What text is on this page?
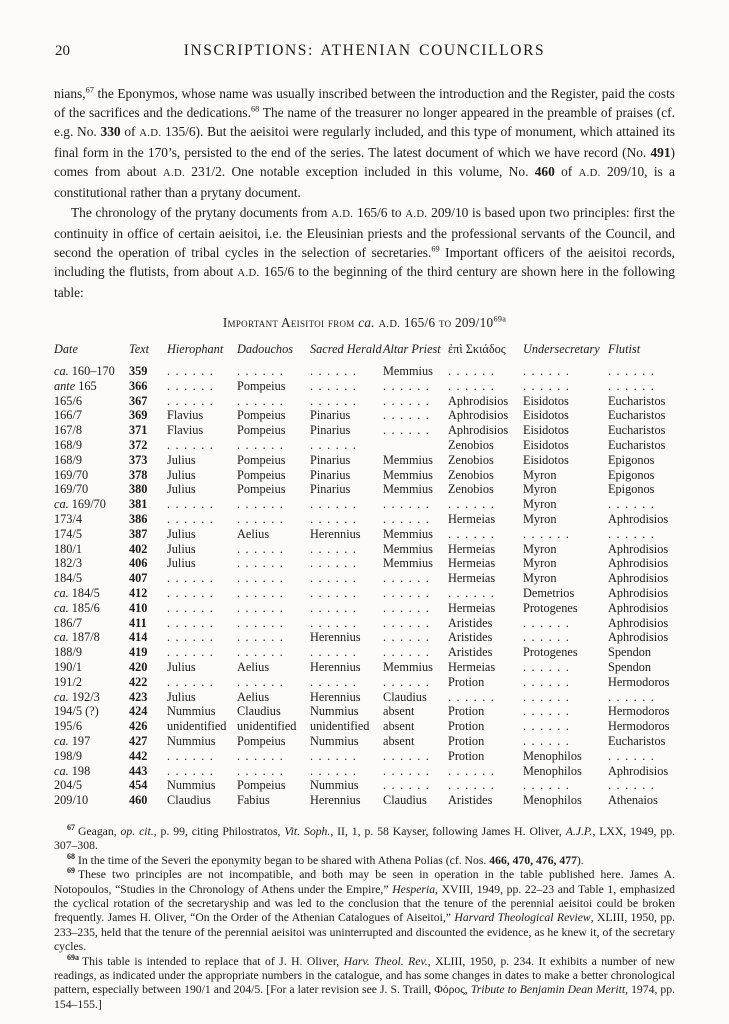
20	INSCRIPTIONS: ATHENIAN COUNCILLORS

nians,$^{67}$ the Eponymos, whose name was usually inscribed between the introduction and the Register, paid the costs of the sacrifices and the dedications.$^{68}$ The name of the treasurer no longer appeared in the preamble of praises (cf. e.g. No. 330 of A.D. 135/6). But the aeisitoi were regularly included, and this type of monument, which attained its final form in the 170’s, persisted to the end of the series. The latest document of which we have record (No. 491) comes from about A.D. 231/2. One notable exception included in this volume, No. 460 of A.D. 209/10, is a constitutional rather than a prytany document.

The chronology of the prytany documents from A.D. 165/6 to A.D. 209/10 is based upon two principles: first the continuity in office of certain aeisitoi, i.e. the Eleusinian priests and the professional servants of the Council, and second the operation of tribal cycles in the selection of secretaries.$^{69}$ Important officers of the aeisitoi records, including the flutists, from about A.D. 165/6 to the beginning of the third century are shown here in the following table:

Important Aeisitoi from ca. A.D. 165/6 to $209/10^{69a}$
Date	Text	Hierophant	Dadouchos	Sacred Herald	Altar Priest	ἐπὶ Σκιάδος	Undersecretary	Flutist
ca. 160–170	359	. . . . . .	. . . . . .	. . . . . .	Memmius	. . . . . .	. . . . . .	. . . . . .
ante 165	366	. . . . . .	Pompeius	. . . . . .	. . . . . .	. . . . . .	. . . . . .	. . . . . .
165/6	367	. . . . . .	. . . . . .	. . . . . .	. . . . . .	Aphrodisios	Eisidotos	Eucharistos
166/7	369	Flavius	Pompeius	Pinarius	. . . . . .	Aphrodisios	Eisidotos	Eucharistos
167/8	371	Flavius	Pompeius	Pinarius	. . . . . .	Aphrodisios	Eisidotos	Eucharistos
168/9	372	. . . . . .	. . . . . .	. . . . . .		Zenobios	Eisidotos	Eucharistos
168/9	373	Julius	Pompeius	Pinarius	Memmius	Zenobios	Eisidotos	Epigonos
169/70	378	Julius	Pompeius	Pinarius	Memmius	Zenobios	Myron	Epigonos
169/70	380	Julius	Pompeius	Pinarius	Memmius	Zenobios	Myron	Epigonos
ca. 169/70	381	. . . . . .	. . . . . .	. . . . . .	. . . . . .	. . . . . .	Myron	. . . . . .
173/4	386	. . . . . .	. . . . . .	. . . . . .	. . . . . .	Hermeias	Myron	Aphrodisios
174/5	387	Julius	Aelius	Herennius	Memmius	. . . . . .	. . . . . .	. . . . . .
180/1	402	Julius	. . . . . .	. . . . . .	Memmius	Hermeias	Myron	Aphrodisios
182/3	406	Julius	. . . . . .	. . . . . .	Memmius	Hermeias	Myron	Aphrodisios
184/5	407	. . . . . .	. . . . . .	. . . . . .	. . . . . .	Hermeias	Myron	Aphrodisios
ca. 184/5	412	. . . . . .	. . . . . .	. . . . . .	. . . . . .	. . . . . .	Demetrios	Aphrodisios
ca. 185/6	410	. . . . . .	. . . . . .	. . . . . .	. . . . . .	Hermeias	Protogenes	Aphrodisios
186/7	411	. . . . . .	. . . . . .	. . . . . .	. . . . . .	Aristides	. . . . . .	Aphrodisios
ca. 187/8	414	. . . . . .	. . . . . .	Herennius	. . . . . .	Aristides	. . . . . .	Aphrodisios
188/9	419	. . . . . .	. . . . . .	. . . . . .	. . . . . .	Aristides	Protogenes	Spendon
190/1	420	Julius	Aelius	Herennius	Memmius	Hermeias	. . . . . .	Spendon
191/2	422	. . . . . .	. . . . . .	. . . . . .	. . . . . .	Protion	. . . . . .	Hermodoros
ca. 192/3	423	Julius	Aelius	Herennius	Claudius	. . . . . .	. . . . . .	. . . . . .
194/5 (?)	424	Nummius	Claudius	Nummius	absent	Protion	. . . . . .	Hermodoros
195/6	426	unidentified	unidentified	unidentified	absent	Protion	. . . . . .	Hermodoros
ca. 197	427	Nummius	Pompeius	Nummius	absent	Protion	. . . . . .	Eucharistos
198/9	442	. . . . . .	. . . . . .	. . . . . .	. . . . . .	Protion	Menophilos	. . . . . .
ca. 198	443	. . . . . .	. . . . . .	. . . . . .	. . . . . .	. . . . . .	Menophilos	Aphrodisios
204/5	454	Nummius	Pompeius	Nummius	. . . . . .	. . . . . .	. . . . . .	. . . . . .
209/10	460	Claudius	Fabius	Herennius	Claudius	Aristides	Menophilos	Athenaios

$^{67}$ Geagan, op. cit., p. 99, citing Philostratos, Vit. Soph., II, 1, p. 58 Kayser, following James H. Oliver, A.J.P., LXX, 1949, pp. 307–308.

$^{68}$ In the time of the Severi the eponymity began to be shared with Athena Polias (cf. Nos. 466, 470, 476, 477).

$^{69}$ These two principles are not incompatible, and both may be seen in operation in the table published here. James A. Notopoulos, “Studies in the Chronology of Athens under the Empire,” Hesperia, XVIII, 1949, pp. 22–23 and Table 1, emphasized the cyclical rotation of the secretaryship and was led to the conclusion that the tenure of the perennial aeisitoi could be broken frequently. James H. Oliver, “On the Order of the Athenian Catalogues of Aiseitoi,” Harvard Theological Review, XLIII, 1950, pp. 233–235, held that the tenure of the perennial aeisitoi was uninterrupted and discounted the evidence, as he knew it, of the secretary cycles.

$^{69a}$ This table is intended to replace that of J. H. Oliver, Harv. Theol. Rev., XLIII, 1950, p. 234. It exhibits a number of new readings, as indicated under the appropriate numbers in the catalogue, and has some changes in dates to make a better chronological pattern, especially between 190/1 and 204/5. [For a later revision see J. S. Traill, Φόρος, Tribute to Benjamin Dean Meritt, 1974, pp. 154–155.]
